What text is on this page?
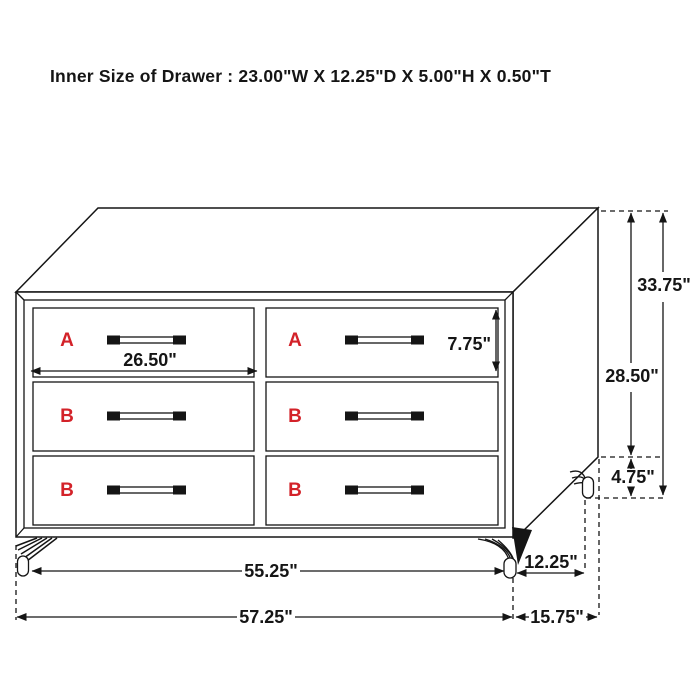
Inner Size of Drawer : 23.00"W X 12.25"D X 5.00"H X 0.50"T
A	A
B	B
B	B
26.50"
7.75"
33.75"
28.50"
4.75"
55.25"	12.25"
57.25"	15.75"
